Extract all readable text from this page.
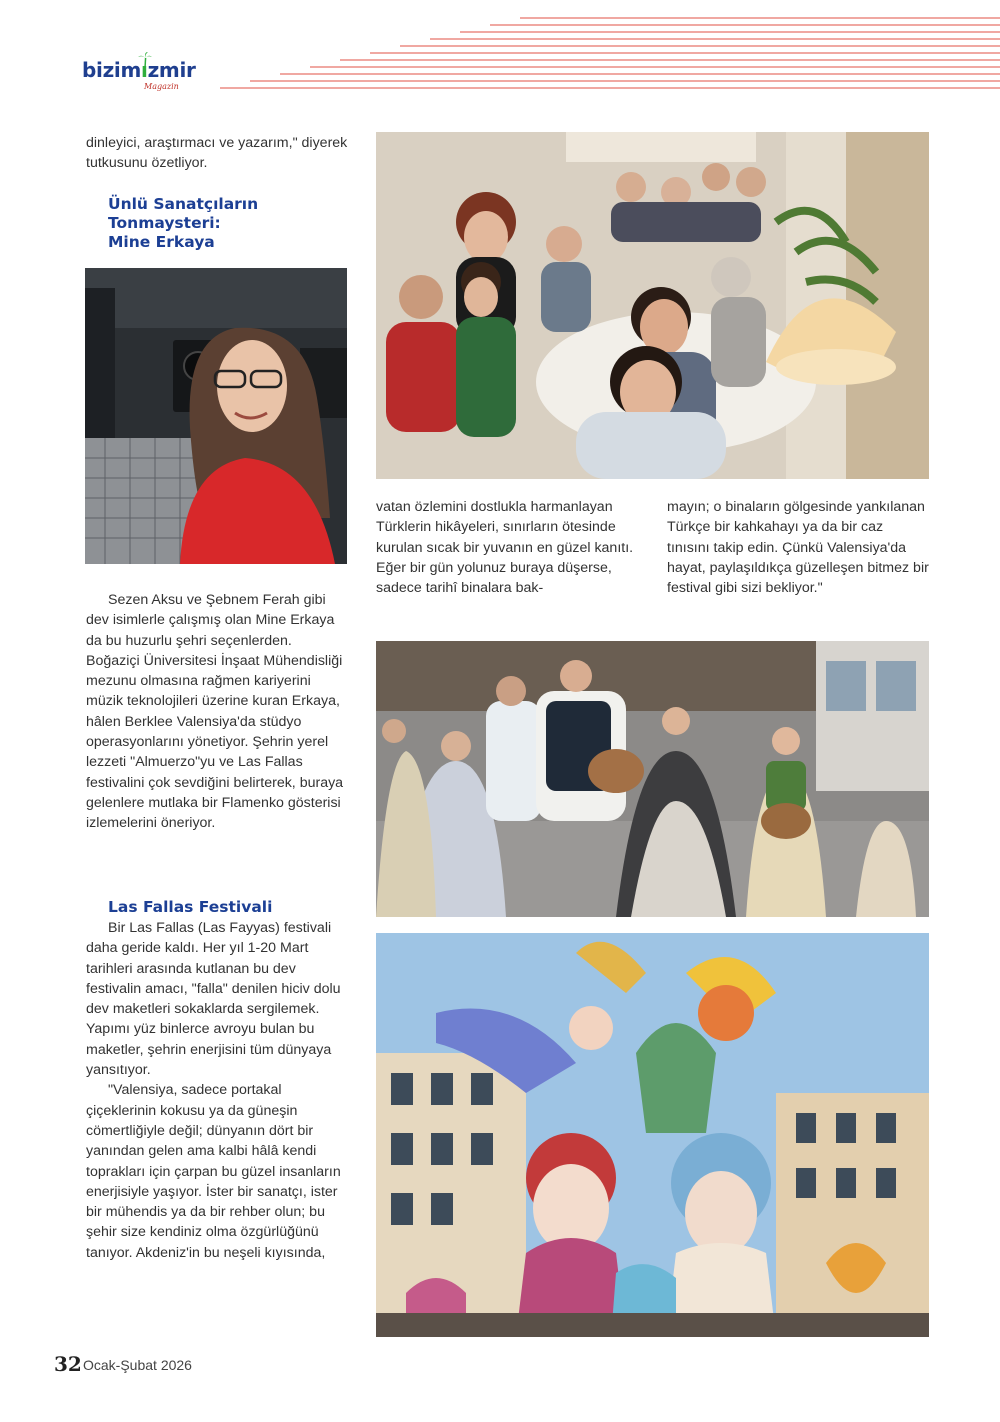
bizimızmir
Magazin

dinleyici, araştırmacı ve yazarım," diyerek tutkusunu özetliyor.

Ünlü Sanatçıların
Tonmaysteri:
Mine Erkaya

Sezen Aksu ve Şebnem Ferah gibi dev isimlerle çalışmış olan Mine Erkaya da bu huzurlu şehri seçenlerden. Boğaziçi Üniversitesi İnşaat Mühendisliği mezunu olmasına rağmen kariyerini müzik teknolojileri üzerine kuran Erkaya, hâlen Berklee Valensiya'da stüdyo operasyonlarını yönetiyor. Şehrin yerel lezzeti "Almuerzo"yu ve Las Fallas festivalini çok sevdiğini belirterek, buraya gelenlere mutlaka bir Flamenko gösterisi izlemelerini öneriyor.

Las Fallas Festivali

Bir Las Fallas (Las Fayyas) festivali daha geride kaldı. Her yıl 1-20 Mart tarihleri arasında kutlanan bu dev festivalin amacı, "falla" denilen hiciv dolu dev maketleri sokaklarda sergilemek. Yapımı yüz binlerce avroyu bulan bu maketler, şehrin enerjisini tüm dünyaya yansıtıyor.

"Valensiya, sadece portakal çiçeklerinin kokusu ya da güneşin cömertliğiyle değil; dünyanın dört bir yanından gelen ama kalbi hâlâ kendi toprakları için çarpan bu güzel insanların enerjisiyle yaşıyor. İster bir sanatçı, ister bir mühendis ya da bir rehber olun; bu şehir size kendiniz olma özgürlüğünü tanıyor. Akdeniz'in bu neşeli kıyısında,

vatan özlemini dostlukla harmanlayan Türklerin hikâyeleri, sınırların ötesinde kurulan sıcak bir yuvanın en güzel kanıtı. Eğer bir gün yolunuz buraya düşerse, sadece tarihî binalara bak-

mayın; o binaların gölgesinde yankılanan Türkçe bir kahkahayı ya da bir caz tınısını takip edin. Çünkü Valensiya'da hayat, paylaşıldıkça güzelleşen bitmez bir festival gibi sizi bekliyor."

32 Ocak-Şubat 2026
